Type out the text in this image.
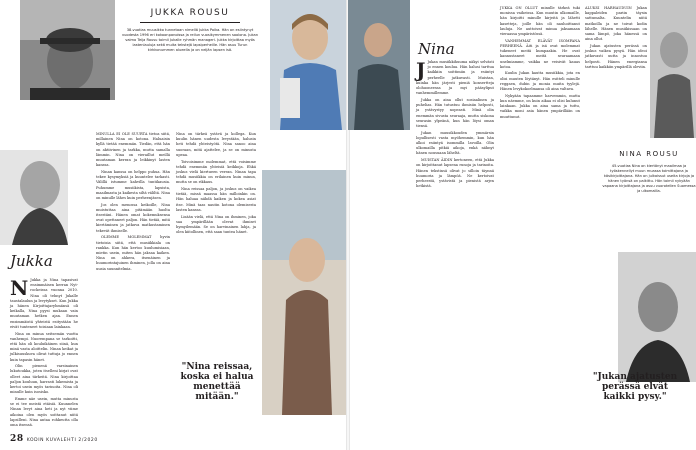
JUKKA ROUSU
38-vuotias muusikko tunnetaan nimellä Jukka Poika. Hän on esiintynyt vuodesta 1996 eri kokoonpanoissa ja reilun vuosikymmenen soolona. Jukan vaimo Teija Rousu toimii Jukalle ryhmän manageri. Jukka kirjoittaa myös lastenlauluja sekä muita tekstejä lapsiperheille. Hän asuu Turun kirkkonummen alueella ja on neljän lapsen isä.
Jukka

N Jukka ja Nina tapasivat ensimmäisen kerran Nyt-rockeissa vuonna 2010. Nina oli tehnyt Jukalle taustalaulun ja levytykset. Kun Jukka ja hänen Kirjoittajaryhmänsä oli keikalla, Nina pyysi mukaan vain muutaman hetken ajan. Ennen ensimmäistä yhteistä esitystään he eivät tunteneet toisiaan lainkaan.

Nina on minua seitsemän vuotta vanhempi. Nuorempana se tarkoitti, että hän oli kouluikäinen siinä, kun minä vasta aloittelin. Ninan keikat ja julkisuuskuva olivat tuttuja jo ennen kuin tapasin hänet.

Olin pienenä varsinainen lukutoukka, joten itselleni kirjat ovat olleet aina tärkeitä. Nina kirjoittaa paljon kouluun, harrasti lukemista ja kertoi usein myös tarinoita. Nina oli minulle kuin isosisko.

Emme näe usein, mutta minusta se ei tee meistä etäisiä. Kuunnelen Ninan levyt aina heti ja nyt viime aikoina olen myös soittanut niitä lapsilleni. Nina antaa rohkeutta olla oma itsensä.

MINULLA EI OLE SUURTA tietoa siitä, millainen Nina on kotona. Haluaisin kyllä tietää enemmän. Tiedän, että hän on aktiivinen ja tarkka, mutta samalla lämmin. Nina on vieraillut meillä muutaman kerran ja leikkinyt lasten kanssa.

Ninan kanssa on helppo puhua. Hän tekee kysymyksiä ja kuuntelee tarkasti. Välillä istumme kahvilla tuntikausia. Puhumme musiikista, lapsista, maailmasta ja kaikesta siltä väliltä. Nina on minulle lähes kuin perheenjäsen.

Jos olen menossa keikoille, Nina muistuttaa aina pitämään huolta itsestäni. Hänen omat kokemuksensa ovat opettaneet paljon. Hän tietää, mitä kiertäminen ja jatkuva matkustaminen tekevät ihmiselle.

OLEMME MOLEMMAT hyvin tietoisia siitä, että musiikkiala on rankka. Kun hän kertoo kuulumisiaan, mietin usein, miten hän jaksaa kaiken. Nina on ahkera, itsenäinen ja huumorintajuinen ihminen, jolla on aina uusia suunnitelmia.

Nina on tärkeä ystävä ja kollega. Kun kuulin hänen uudesta levystään, halusin heti tehdä yhteistyötä. Nina sanoo aina suoraan, mitä ajattelee, ja se on minusta upeaa.

Toivoisimme molemmat, että voisimme tehdä enemmän yhteisiä keikkoja. Ehkä joskus vielä kiertueen verran. Ninan tapa tehdä musiikkia on erilainen kuin minun, mutta se on rikkaus.

Nina reissaa paljon, ja joskus on vaikea tietää, missä maassa hän milloinkin on. Hän haluaa nähdä kaiken ja kokea asiat itse. Minä taas nautin kotona olemisesta lasten kanssa.

Lisään vielä, että Nina on ihminen, joka saa ympärillään olevat ihmiset hymyilemään. Se on harvinainen lahja, ja olen kiitollinen, että saan tuntea hänet.

"Nina reissaa, koska ei halua menettää mitään."
28 KODIN KUVALEHTI 2/2020
Nina

J Jukan musiikkihuuma näkyi selvästi jo ennen koulua. Hän halusi tarttua kaikkiin soittimiin ja esiintyi perheelle jatkuvasti. Muistan, kuinka hän järjesti pieniä konsertteja olohuoneessa ja myi pääsyliput vanhemmillemme.

Jukka on aina ollut sosiaalinen ja puhelias. Hän tutustuu ihmisiin helposti, ja ystävystyy nopeasti. Minä olin enemmän sivusta seuraaja, mutta siskona seurasin ylpeänä, kun hän löysi oman tiensä.

Jukan muusikkouden ymmärsin lopullisesti vasta myöhemmin, kun hän alkoi esiintyä isommilla lavoilla. Olin ulkomailla pitkiä aikoja, enkä nähnyt hänen nousuaan läheltä.

MUISTAN ÄIDIN kertoneen, että Jukka on kirjoittanut lapsena runoja ja tarinoita. Hänen tekstinsä olivat jo silloin täynnä huumoria ja lämpöä. Ne kertoivat perheestä, ystävistä ja pienistä arjen hetkistä.

JUKKA ON OLLUT minulle tärkeä tuki monissa vaiheissa. Kun muutin ulkomaille, hän kirjoitti minulle kirjeitä ja lähetti kasetteja, joille hän oli nauhoittanut lauluja. Ne auttoivat minua jaksamaan vieraassa ympäristössä.

VANHEMMAT ELÄVÄT ISOMPANA PERHEENÄ. Äiti ja isä ovat molemmat tukeneet meitä kumpaakin. He ovat kannustaneet meitä seuraamaan unelmiamme, vaikka ne veisivät kauas kotoa.

Kuulin Jukan kautta musiikkia, jota en olisi muuten löytänyt. Hän esitteli minulle reggaen, dubin ja monia muita tyylejä. Hänen levykokoelmansa oli aina valtava.

Nykyään tapaamme harvemmin, mutta kun näemme, on kuin aikaa ei olisi kulunut lainkaan. Jukka on aina sama ja tuttu, vaikka moni asia hänen ympärillään on muuttunut.

ALUKSI HARHAUDUIN Jukan kappaleiden pariin täysin sattumalta. Kuuntelin niitä matkoilla ja ne toivat kodin lähelle. Hänen musiikissaan on sama lämpö, joka hänessä on aina ollut.

Jukan ajatusten perässä on joskus vaikea pysyä. Hän ideoi jatkuvasti uutta ja innostuu helposti. Hänen energiansa tarttuu kaikkiin ympärillä oleviin.

NINA ROUSU
45-vuotias Nina on kiertänyt maailmaa ja työskennellyt muun muassa toimittajana ja käsikirjoittajana. Hän on julkaissut useita kirjoja ja hänen työnsä on palkittu. Hän toimii nykyään vapaana kirjoittajana ja asuu vuorotellen Suomessa ja ulkomailla.
"Jukan ajatusten perässä elvät kaikki pysy."
